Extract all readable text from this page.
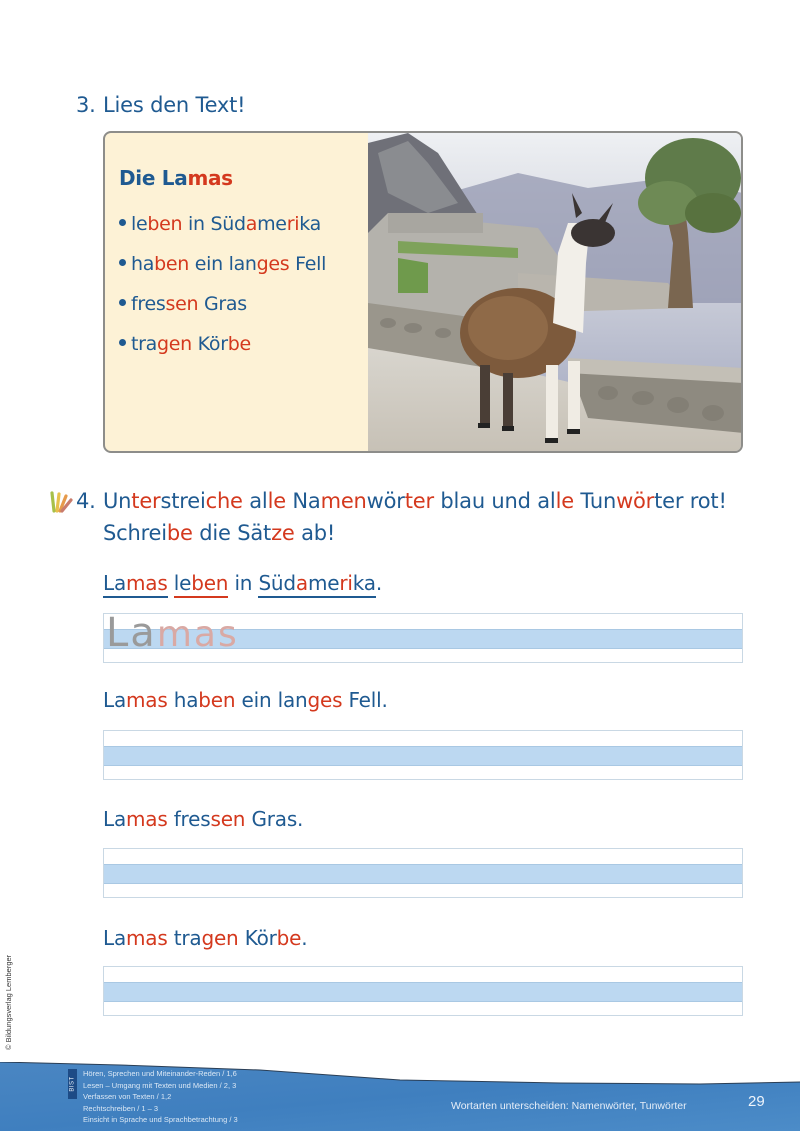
3. Lies den Text!
Die Lamas
leben in Südamerika
haben ein langes Fell
fressen Gras
tragen Körbe
4. Unterstreiche alle Namenwörter blau und alle Tunwörter rot!
Schreibe die Sätze ab!
Lamas leben in Südamerika.
Lamas
Lamas haben ein langes Fell.
Lamas fressen Gras.
Lamas tragen Körbe.
© Bildungsverlag Lemberger
BIST
Hören, Sprechen und Miteinander-Reden / 1,6
Lesen – Umgang mit Texten und Medien / 2, 3
Verfassen von Texten / 1,2
Rechtschreiben / 1 – 3
Einsicht in Sprache und Sprachbetrachtung / 3
Wortarten unterscheiden: Namenwörter, Tunwörter	29
